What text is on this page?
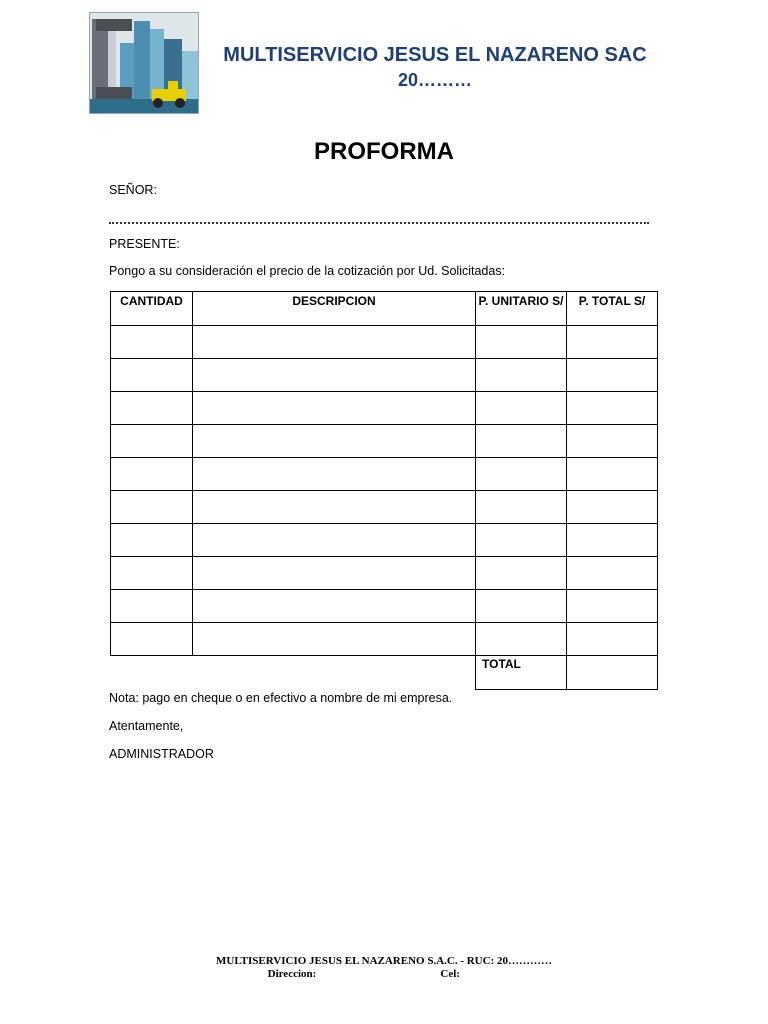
MULTISERVICIO JESUS EL NAZARENO SAC
20………
PROFORMA
SEÑOR:
PRESENTE:
Pongo a su consideración el precio de la cotización por Ud. Solicitadas:
CANTIDAD	DESCRIPCION	P. UNITARIO S/	P. TOTAL S/

		TOTAL	
Nota: pago en cheque o en efectivo a nombre de mi empresa.
Atentamente,
ADMINISTRADOR
MULTISERVICIO JESUS EL NAZARENO S.A.C. - RUC: 20…………
Direccion:	Cel:
